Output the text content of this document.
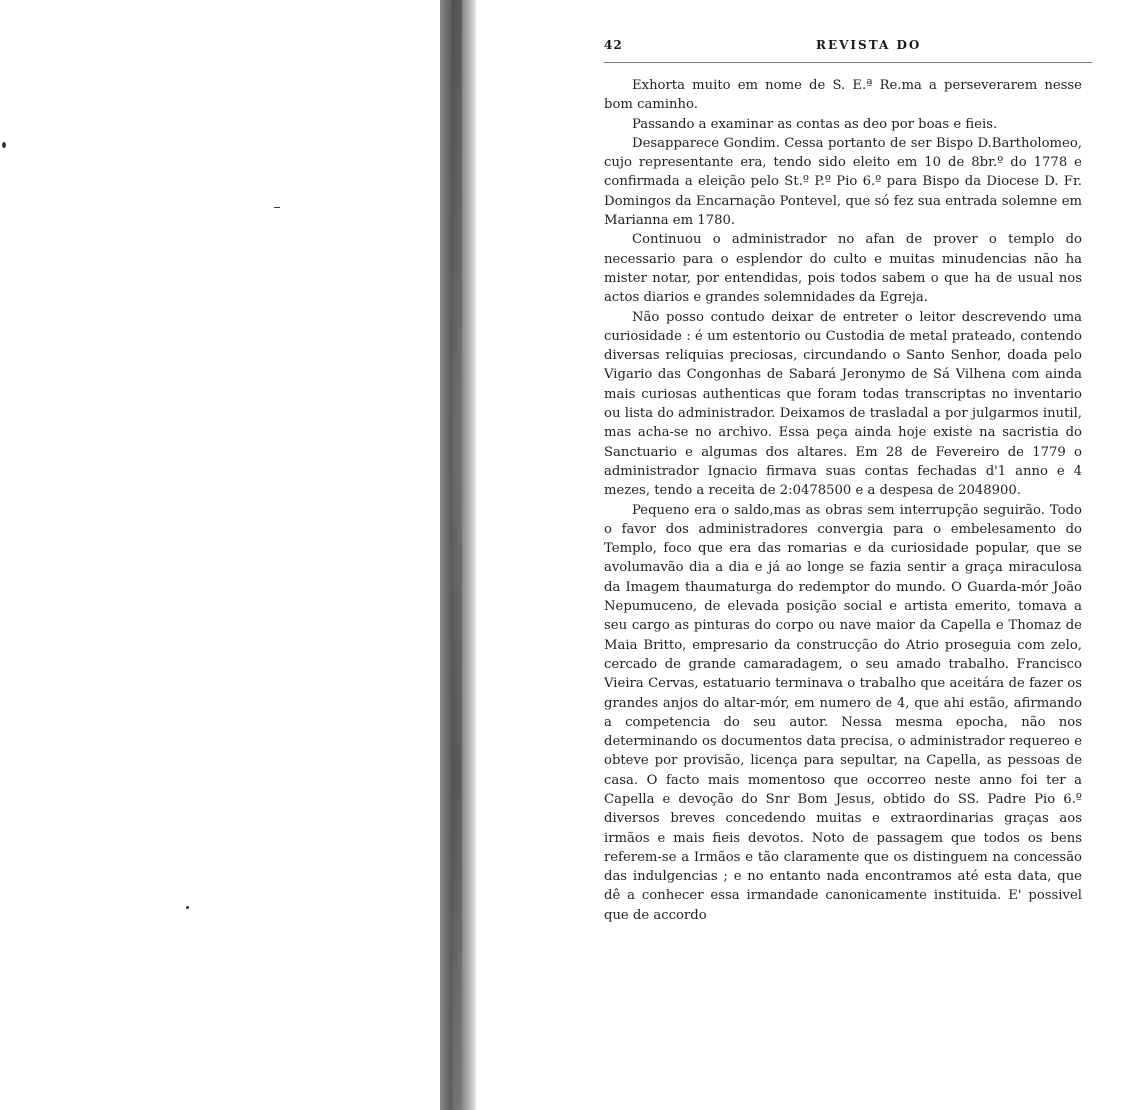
42	REVISTA DO

Exhorta muito em nome de S. E.ª Re.ma a perseverarem nesse bom caminho.

Passando a examinar as contas as deo por boas e fieis.

Desapparece Gondim. Cessa portanto de ser Bispo D.Bartholomeo, cujo representante era, tendo sido eleito em 10 de 8br.º do 1778 e confirmada a eleição pelo St.º P.º Pio 6.º para Bispo da Diocese D. Fr. Domingos da Encarnação Pontevel, que só fez sua entrada solemne em Marianna em 1780.

Continuou o administrador no afan de prover o templo do necessario para o esplendor do culto e muitas minudencias não ha mister notar, por entendidas, pois todos sabem o que ha de usual nos actos diarios e grandes solemnidades da Egreja.

Não posso contudo deixar de entreter o leitor descrevendo uma curiosidade : é um estentorio ou Custodia de metal prateado, contendo diversas reliquias preciosas, circundando o Santo Senhor, doada pelo Vigario das Congonhas de Sabará Jeronymo de Sá Vilhena com ainda mais curiosas authenticas que foram todas transcriptas no inventario ou lista do administrador. Deixamos de trasladal a por julgarmos inutil, mas acha-se no archivo. Essa peça ainda hoje existe na sacristia do Sanctuario e algumas dos altares. Em 28 de Fevereiro de 1779 o administrador Ignacio firmava suas contas fechadas d'1 anno e 4 mezes, tendo a receita de 2:0478500 e a despesa de 2048900.

Pequeno era o saldo,mas as obras sem interrupção seguirão. Todo o favor dos administradores convergia para o embelesamento do Templo, foco que era das romarias e da curiosidade popular, que se avolumavão dia a dia e já ao longe se fazia sentir a graça miraculosa da Imagem thaumaturga do redemptor do mundo. O Guarda-mór João Nepumuceno, de elevada posição social e artista emerito, tomava a seu cargo as pinturas do corpo ou nave maior da Capella e Thomaz de Maia Britto, empresario da construcção do Atrio proseguia com zelo, cercado de grande camaradagem, o seu amado trabalho. Francisco Vieira Cervas, estatuario terminava o trabalho que aceitára de fazer os grandes anjos do altar-mór, em numero de 4, que ahi estão, afirmando a competencia do seu autor. Nessa mesma epocha, não nos determinando os documentos data precisa, o administrador requereo e obteve por provisão, licença para sepultar, na Capella, as pessoas de casa. O facto mais momentoso que occorreo neste anno foi ter a Capella e devoção do Snr Bom Jesus, obtido do SS. Padre Pio 6.º diversos breves concedendo muitas e extraordinarias graças aos irmãos e mais fieis devotos. Noto de passagem que todos os bens referem-se a Irmãos e tão claramente que os distinguem na concessão das indulgencias ; e no entanto nada encontramos até esta data, que dê a conhecer essa irmandade canonicamente instituida. E' possivel que de accordo
